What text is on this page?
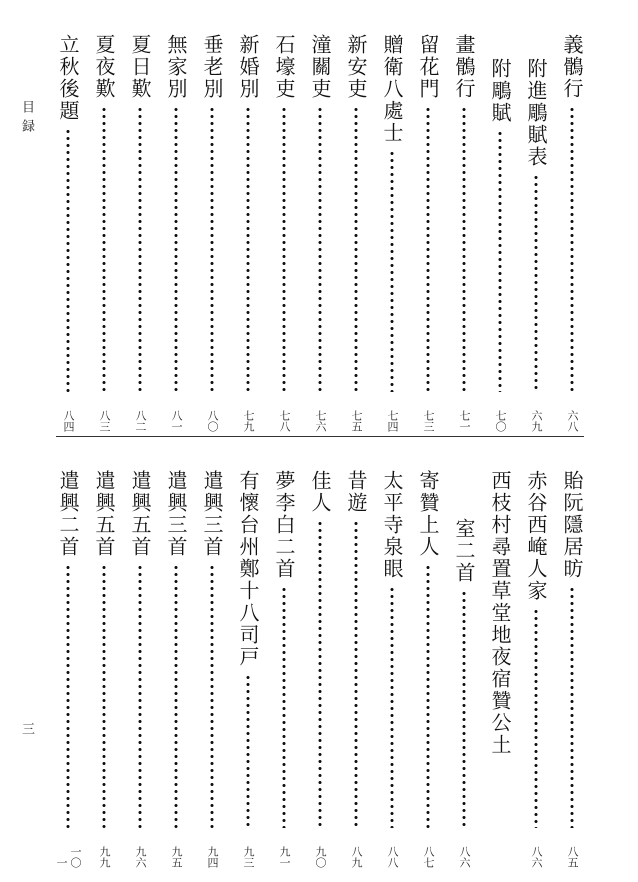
目録
三
義鶻行
六八
附進鵰賦表
六九
附鵰賦
七〇
畫鶻行
七一
留花門
七三
贈衛八處士
七四
新安吏
七五
潼關吏
七六
石壕吏
七八
新婚別
七九
垂老別
八〇
無家別
八一
夏日歎
八二
夏夜歎
八三
立秋後題
八四
貽阮隱居昉
八五
赤谷西崦人家
八六
西枝村尋置草堂地夜宿贊公土
室二首
八六
寄贊上人
八七
太平寺泉眼
八八
昔遊
八九
佳人
九〇
夢李白二首
九一
有懷台州鄭十八司戸
九三
遣興三首
九四
遣興三首
九五
遣興五首
九六
遣興五首
九九
遣興二首
一〇一
